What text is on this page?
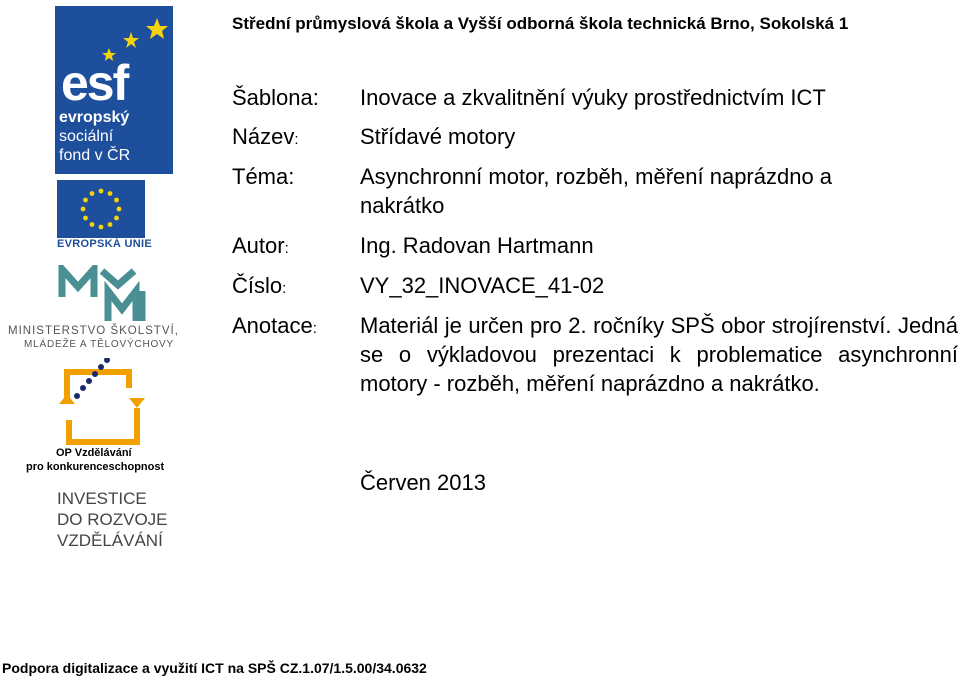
Střední průmyslová škola a Vyšší odborná škola technická Brno, Sokolská 1
esf
evropský
sociální
fond v ČR
EVROPSKÁ UNIE
MINISTERSTVO ŠKOLSTVÍ,
MLÁDEŽE A TĚLOVÝCHOVY
OP Vzdělávání
pro konkurenceschopnost
INVESTICE
DO ROZVOJE
VZDĚLÁVÁNÍ
Šablona: Inovace a zkvalitnění výuky prostřednictvím ICT
Název:	Střídavé motory
Téma:	Asynchronní motor, rozběh, měření naprázdno a nakrátko
Autor:	Ing. Radovan Hartmann
Číslo:	VY_32_INOVACE_41-02
Anotace: Materiál je určen pro 2. ročníky SPŠ obor strojírenství. Jedná se o výkladovou prezentaci k problematice asynchronní motory - rozběh, měření naprázdno a nakrátko.
Červen 2013
Podpora digitalizace a využití ICT na SPŠ CZ.1.07/1.5.00/34.0632
